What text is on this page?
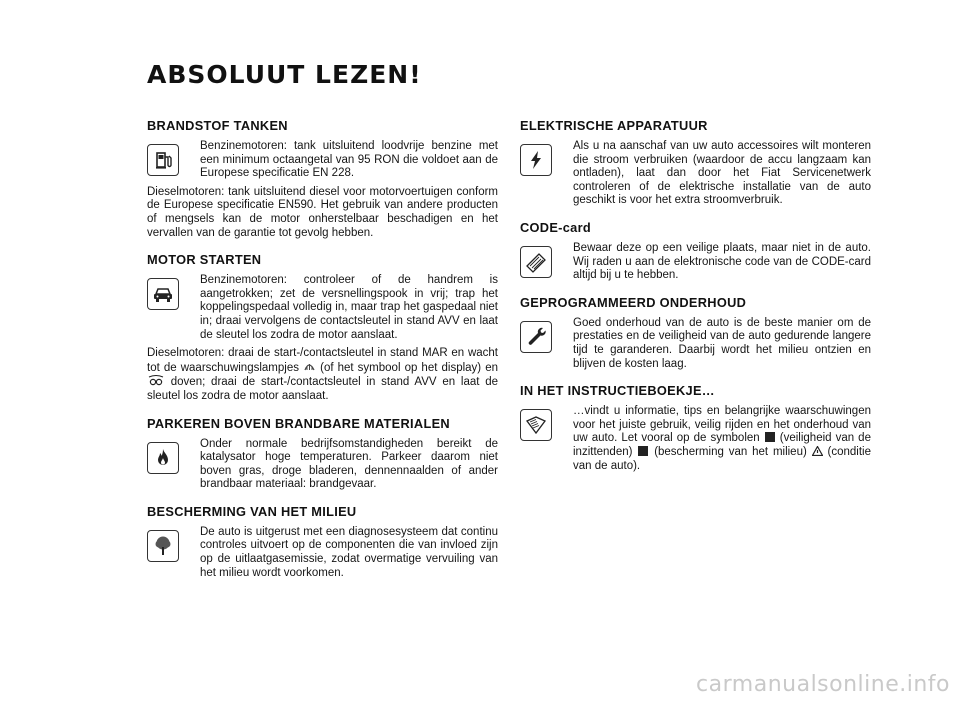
ABSOLUUT LEZEN!
BRANDSTOF TANKEN
Benzinemotoren: tank uitsluitend loodvrije benzine met een minimum octaangetal van 95 RON die voldoet aan de Europese specificatie EN 228.

Dieselmotoren: tank uitsluitend diesel voor motorvoertuigen conform de Europese specificatie EN590. Het gebruik van andere producten of mengsels kan de motor onherstelbaar beschadigen en het vervallen van de garantie tot gevolg hebben.

MOTOR STARTEN
Benzinemotoren: controleer of de handrem is aangetrokken; zet de versnellingspook in vrij; trap het koppelingspedaal volledig in, maar trap het gaspedaal niet in; draai vervolgens de contactsleutel in stand AVV en laat de sleutel los zodra de motor aanslaat.

Dieselmotoren: draai de start-/contactsleutel in stand MAR en wacht tot de waarschuwingslampjes (of het symbool op het display) en  doven; draai de start-/contactsleutel in stand AVV en laat de sleutel los zodra de motor aanslaat.

PARKEREN BOVEN BRANDBARE MATERIALEN
Onder normale bedrijfsomstandigheden bereikt de katalysator hoge temperaturen. Parkeer daarom niet boven gras, droge bladeren, dennennaalden of ander brandbaar materiaal: brandgevaar.
BESCHERMING VAN HET MILIEU
De auto is uitgerust met een diagnosesysteem dat continu controles uitvoert op de componenten die van invloed zijn op de uitlaatgasemissie, zodat overmatige vervuiling van het milieu wordt voorkomen.
ELEKTRISCHE APPARATUUR
Als u na aanschaf van uw auto accessoires wilt monteren die stroom verbruiken (waardoor de accu langzaam kan ontladen), laat dan door het Fiat Servicenetwerk controleren of de elektrische installatie van de auto geschikt is voor het extra stroomverbruik.
CODE-card
Bewaar deze op een veilige plaats, maar niet in de auto. Wij raden u aan de elektronische code van de CODE-card altijd bij u te hebben.
GEPROGRAMMEERD ONDERHOUD
Goed onderhoud van de auto is de beste manier om de prestaties en de veiligheid van de auto gedurende langere tijd te garanderen. Daarbij wordt het milieu ontzien en blijven de kosten laag.
IN HET INSTRUCTIEBOEKJE…
…vindt u informatie, tips en belangrijke waarschuwingen voor het juiste gebruik, veilig rijden en het onderhoud van uw auto. Let vooral op de symbolen (veiligheid van de inzittenden) (bescherming van het milieu) (conditie van de auto).
carmanualsonline.info
